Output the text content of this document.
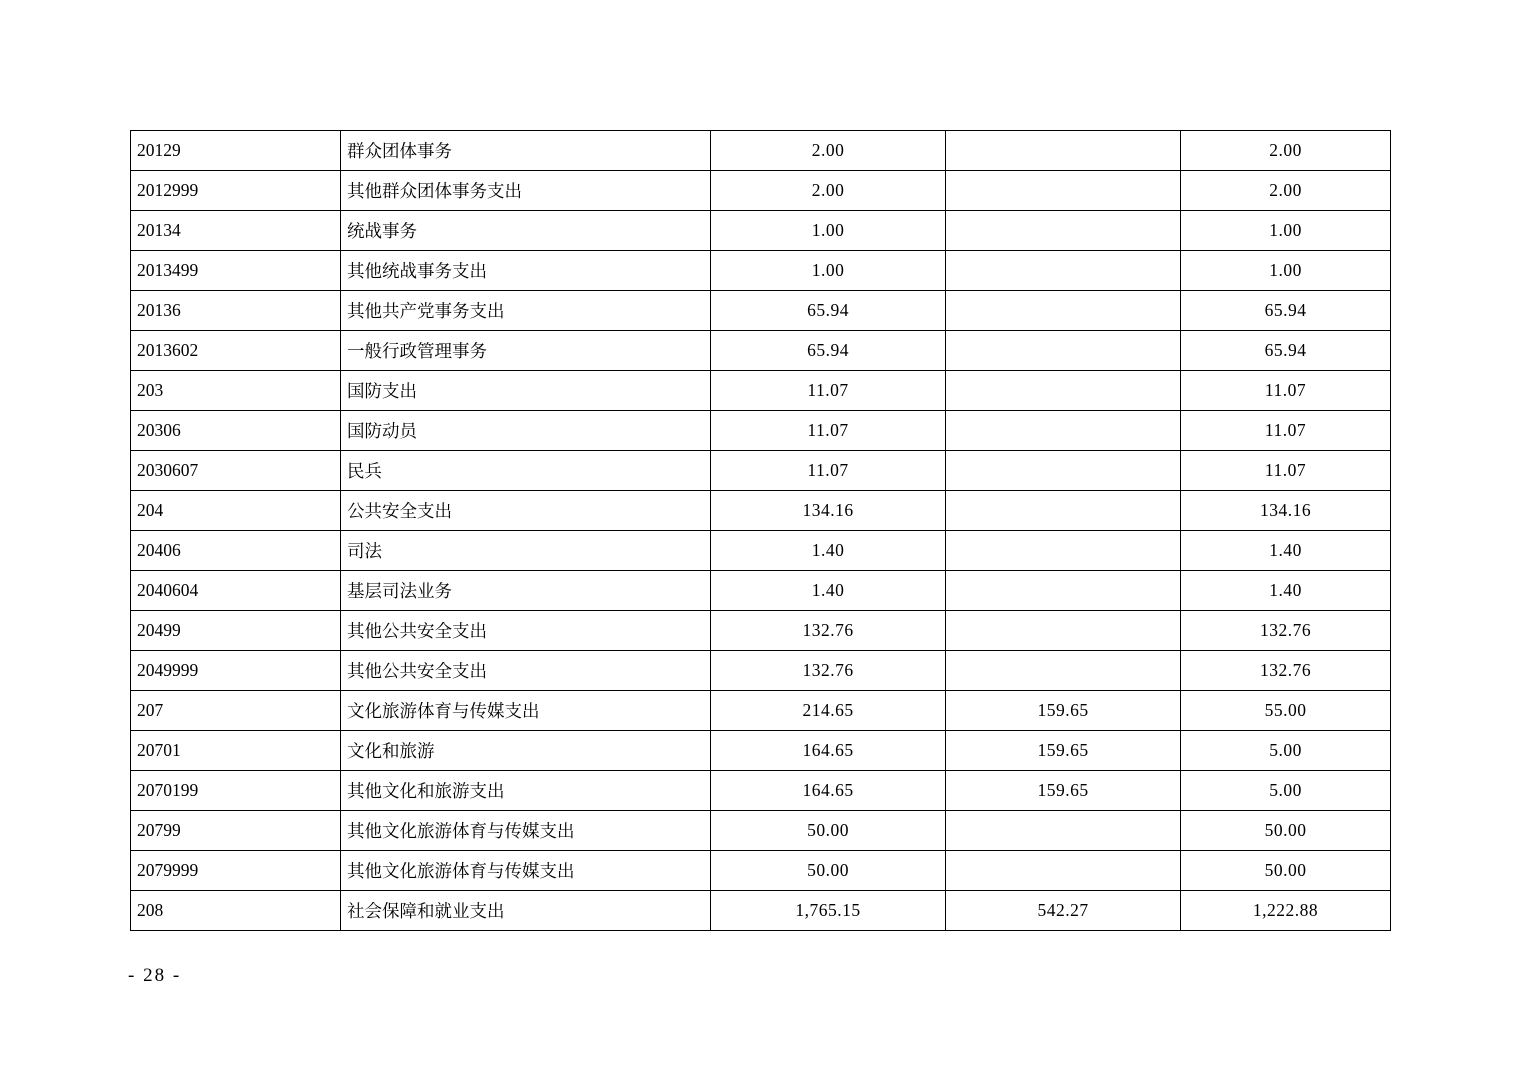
20129	群众团体事务	2.00		2.00
2012999	其他群众团体事务支出	2.00		2.00
20134	统战事务	1.00		1.00
2013499	其他统战事务支出	1.00		1.00
20136	其他共产党事务支出	65.94		65.94
2013602	一般行政管理事务	65.94		65.94
203	国防支出	11.07		11.07
20306	国防动员	11.07		11.07
2030607	民兵	11.07		11.07
204	公共安全支出	134.16		134.16
20406	司法	1.40		1.40
2040604	基层司法业务	1.40		1.40
20499	其他公共安全支出	132.76		132.76
2049999	其他公共安全支出	132.76		132.76
207	文化旅游体育与传媒支出	214.65	159.65	55.00
20701	文化和旅游	164.65	159.65	5.00
2070199	其他文化和旅游支出	164.65	159.65	5.00
20799	其他文化旅游体育与传媒支出	50.00		50.00
2079999	其他文化旅游体育与传媒支出	50.00		50.00
208	社会保障和就业支出	1,765.15	542.27	1,222.88
- 28 -
